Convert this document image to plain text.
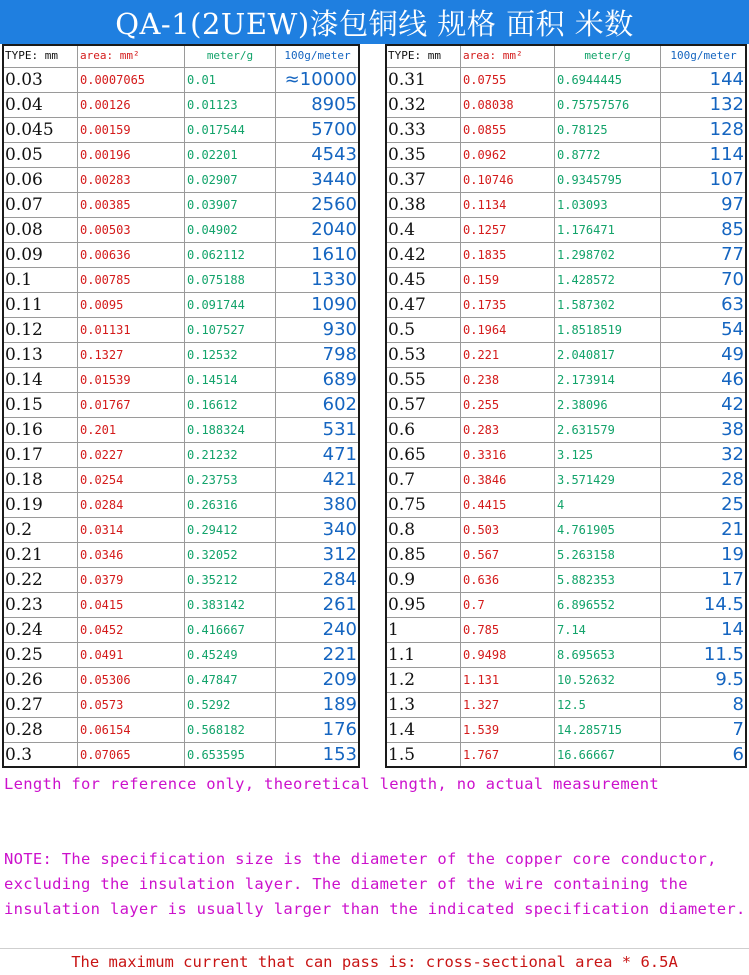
QA-1(2UEW)漆包铜线 规格 面积 米数
TYPE: mm	area: mm²	meter/g	100g/meter
0.03	0.0007065	0.01	≈10000
0.04	0.00126	0.01123	8905
0.045	0.00159	0.017544	5700
0.05	0.00196	0.02201	4543
0.06	0.00283	0.02907	3440
0.07	0.00385	0.03907	2560
0.08	0.00503	0.04902	2040
0.09	0.00636	0.062112	1610
0.1	0.00785	0.075188	1330
0.11	0.0095	0.091744	1090
0.12	0.01131	0.107527	930
0.13	0.1327	0.12532	798
0.14	0.01539	0.14514	689
0.15	0.01767	0.16612	602
0.16	0.201	0.188324	531
0.17	0.0227	0.21232	471
0.18	0.0254	0.23753	421
0.19	0.0284	0.26316	380
0.2	0.0314	0.29412	340
0.21	0.0346	0.32052	312
0.22	0.0379	0.35212	284
0.23	0.0415	0.383142	261
0.24	0.0452	0.416667	240
0.25	0.0491	0.45249	221
0.26	0.05306	0.47847	209
0.27	0.0573	0.5292	189
0.28	0.06154	0.568182	176
0.3	0.07065	0.653595	153
TYPE: mm	area: mm²	meter/g	100g/meter
0.31	0.0755	0.6944445	144
0.32	0.08038	0.75757576	132
0.33	0.0855	0.78125	128
0.35	0.0962	0.8772	114
0.37	0.10746	0.9345795	107
0.38	0.1134	1.03093	97
0.4	0.1257	1.176471	85
0.42	0.1835	1.298702	77
0.45	0.159	1.428572	70
0.47	0.1735	1.587302	63
0.5	0.1964	1.8518519	54
0.53	0.221	2.040817	49
0.55	0.238	2.173914	46
0.57	0.255	2.38096	42
0.6	0.283	2.631579	38
0.65	0.3316	3.125	32
0.7	0.3846	3.571429	28
0.75	0.4415	4	25
0.8	0.503	4.761905	21
0.85	0.567	5.263158	19
0.9	0.636	5.882353	17
0.95	0.7	6.896552	14.5
1	0.785	7.14	14
1.1	0.9498	8.695653	11.5
1.2	1.131	10.52632	9.5
1.3	1.327	12.5	8
1.4	1.539	14.285715	7
1.5	1.767	16.66667	6

Length for reference only, theoretical length, no actual measurement

NOTE: The specification size is the diameter of the copper core conductor, excluding the insulation layer. The diameter of the wire containing the insulation layer is usually larger than the indicated specification diameter.

The maximum current that can pass is: cross-sectional area * 6.5A
